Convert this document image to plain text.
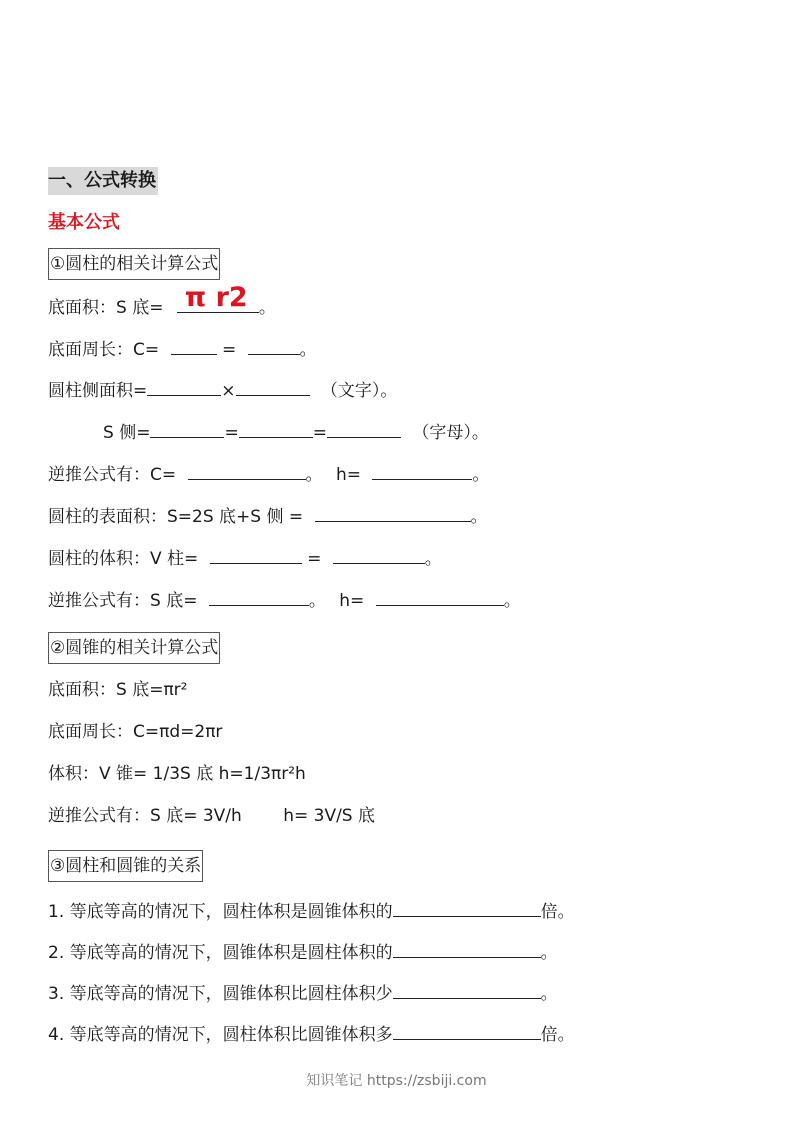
一、公式转换
基本公式
①圆柱的相关计算公式
底面积：S 底= π r2 。
底面周长：C=	=	。
圆柱侧面积=	×	（文字）。
S 侧=	=	=	（字母）。
逆推公式有：C=	。 h=	。
圆柱的表面积：S=2S 底+S 侧 =	。
圆柱的体积：V 柱=	=	。
逆推公式有：S 底=	。 h=	。
②圆锥的相关计算公式
底面积：S 底=πr²
底面周长：C=πd=2πr
体积：V 锥= 1/3S 底 h=1/3πr²h
逆推公式有：S 底= 3V/h h= 3V/S 底
③圆柱和圆锥的关系
1. 等底等高的情况下，圆柱体积是圆锥体积的	倍。
2. 等底等高的情况下，圆锥体积是圆柱体积的	。
3. 等底等高的情况下，圆锥体积比圆柱体积少	。
4. 等底等高的情况下，圆柱体积比圆锥体积多	倍。
知识笔记 https://zsbiji.com
